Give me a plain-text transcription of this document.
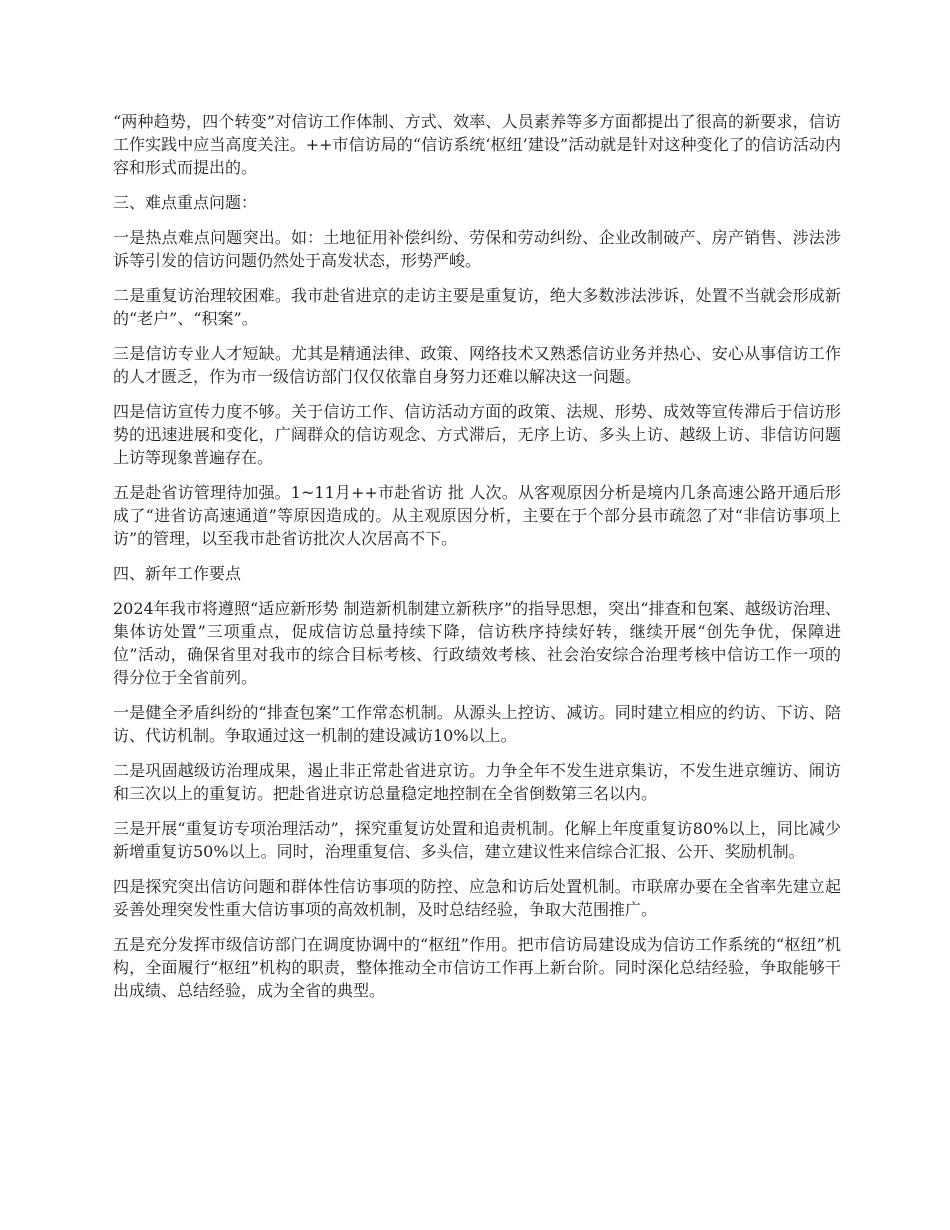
“两种趋势，四个转变”对信访工作体制、方式、效率、人员素养等多方面都提出了很高的新要求，信访工作实践中应当高度关注。++市信访局的“信访系统‘枢纽’建设”活动就是针对这种变化了的信访活动内容和形式而提出的。

三、难点重点问题：

一是热点难点问题突出。如：土地征用补偿纠纷、劳保和劳动纠纷、企业改制破产、房产销售、涉法涉诉等引发的信访问题仍然处于高发状态，形势严峻。

二是重复访治理较困难。我市赴省进京的走访主要是重复访，绝大多数涉法涉诉，处置不当就会形成新的“老户”、“积案”。

三是信访专业人才短缺。尤其是精通法律、政策、网络技术又熟悉信访业务并热心、安心从事信访工作的人才匮乏，作为市一级信访部门仅仅依靠自身努力还难以解决这一问题。

四是信访宣传力度不够。关于信访工作、信访活动方面的政策、法规、形势、成效等宣传滞后于信访形势的迅速进展和变化，广阔群众的信访观念、方式滞后，无序上访、多头上访、越级上访、非信访问题上访等现象普遍存在。

五是赴省访管理待加强。1~11月++市赴省访 批 人次。从客观原因分析是境内几条高速公路开通后形成了“进省访高速通道”等原因造成的。从主观原因分析，主要在于个部分县市疏忽了对“非信访事项上访”的管理，以至我市赴省访批次人次居高不下。

四、新年工作要点

2024年我市将遵照“适应新形势 制造新机制建立新秩序”的指导思想，突出“排查和包案、越级访治理、集体访处置”三项重点，促成信访总量持续下降，信访秩序持续好转，继续开展“创先争优，保障进位”活动，确保省里对我市的综合目标考核、行政绩效考核、社会治安综合治理考核中信访工作一项的得分位于全省前列。

一是健全矛盾纠纷的“排查包案”工作常态机制。从源头上控访、减访。同时建立相应的约访、下访、陪访、代访机制。争取通过这一机制的建设减访10%以上。

二是巩固越级访治理成果，遏止非正常赴省进京访。力争全年不发生进京集访，不发生进京缠访、闹访和三次以上的重复访。把赴省进京访总量稳定地控制在全省倒数第三名以内。

三是开展“重复访专项治理活动”，探究重复访处置和追责机制。化解上年度重复访80%以上，同比减少新增重复访50%以上。同时，治理重复信、多头信，建立建议性来信综合汇报、公开、奖励机制。

四是探究突出信访问题和群体性信访事项的防控、应急和访后处置机制。市联席办要在全省率先建立起妥善处理突发性重大信访事项的高效机制，及时总结经验，争取大范围推广。

五是充分发挥市级信访部门在调度协调中的“枢纽”作用。把市信访局建设成为信访工作系统的“枢纽”机构，全面履行“枢纽”机构的职责，整体推动全市信访工作再上新台阶。同时深化总结经验，争取能够干出成绩、总结经验，成为全省的典型。
